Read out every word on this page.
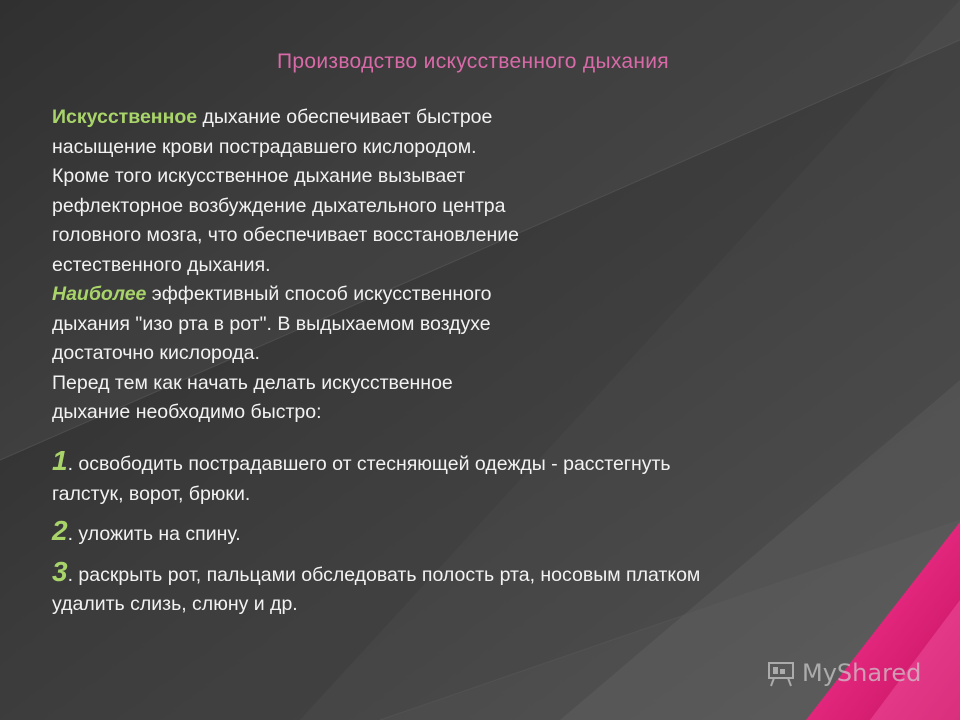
Производство искусственного дыхания
Искусственное дыхание обеспечивает быстрое
насыщение крови пострадавшего кислородом.
Кроме того искусственное дыхание вызывает
рефлекторное возбуждение дыхательного центра
головного мозга, что обеспечивает восстановление
естественного дыхания.
Наиболее эффективный способ искусственного
дыхания "изо рта в рот". В выдыхаемом воздухе
достаточно кислорода.
Перед тем как начать делать искусственное
дыхание необходимо быстро:
1. освободить пострадавшего от стесняющей одежды - расстегнуть
галстук, ворот, брюки.
2. уложить на спину.
3. раскрыть рот, пальцами обследовать полость рта, носовым платком
удалить слизь, слюну и др.
MyShared
